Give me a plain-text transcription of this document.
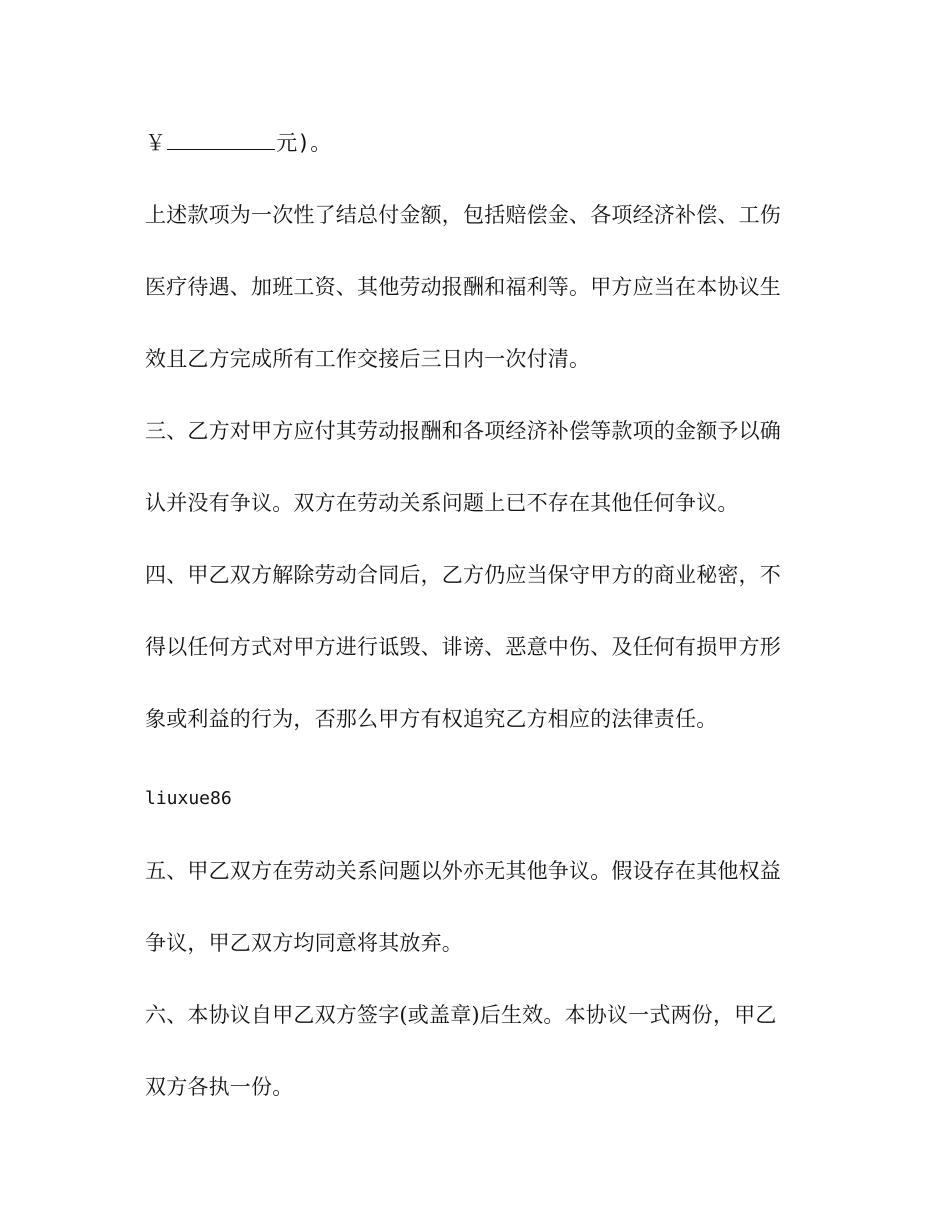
￥	元)。
上述款项为一次性了结总付金额，包括赔偿金、各项经济补偿、工伤
医疗待遇、加班工资、其他劳动报酬和福利等。甲方应当在本协议生
效且乙方完成所有工作交接后三日内一次付清。
三、乙方对甲方应付其劳动报酬和各项经济补偿等款项的金额予以确
认并没有争议。双方在劳动关系问题上已不存在其他任何争议。
四、甲乙双方解除劳动合同后，乙方仍应当保守甲方的商业秘密，不
得以任何方式对甲方进行诋毁、诽谤、恶意中伤、及任何有损甲方形
象或利益的行为，否那么甲方有权追究乙方相应的法律责任。
liuxue86
五、甲乙双方在劳动关系问题以外亦无其他争议。假设存在其他权益
争议，甲乙双方均同意将其放弃。
六、本协议自甲乙双方签字(或盖章)后生效。本协议一式两份，甲乙
双方各执一份。
